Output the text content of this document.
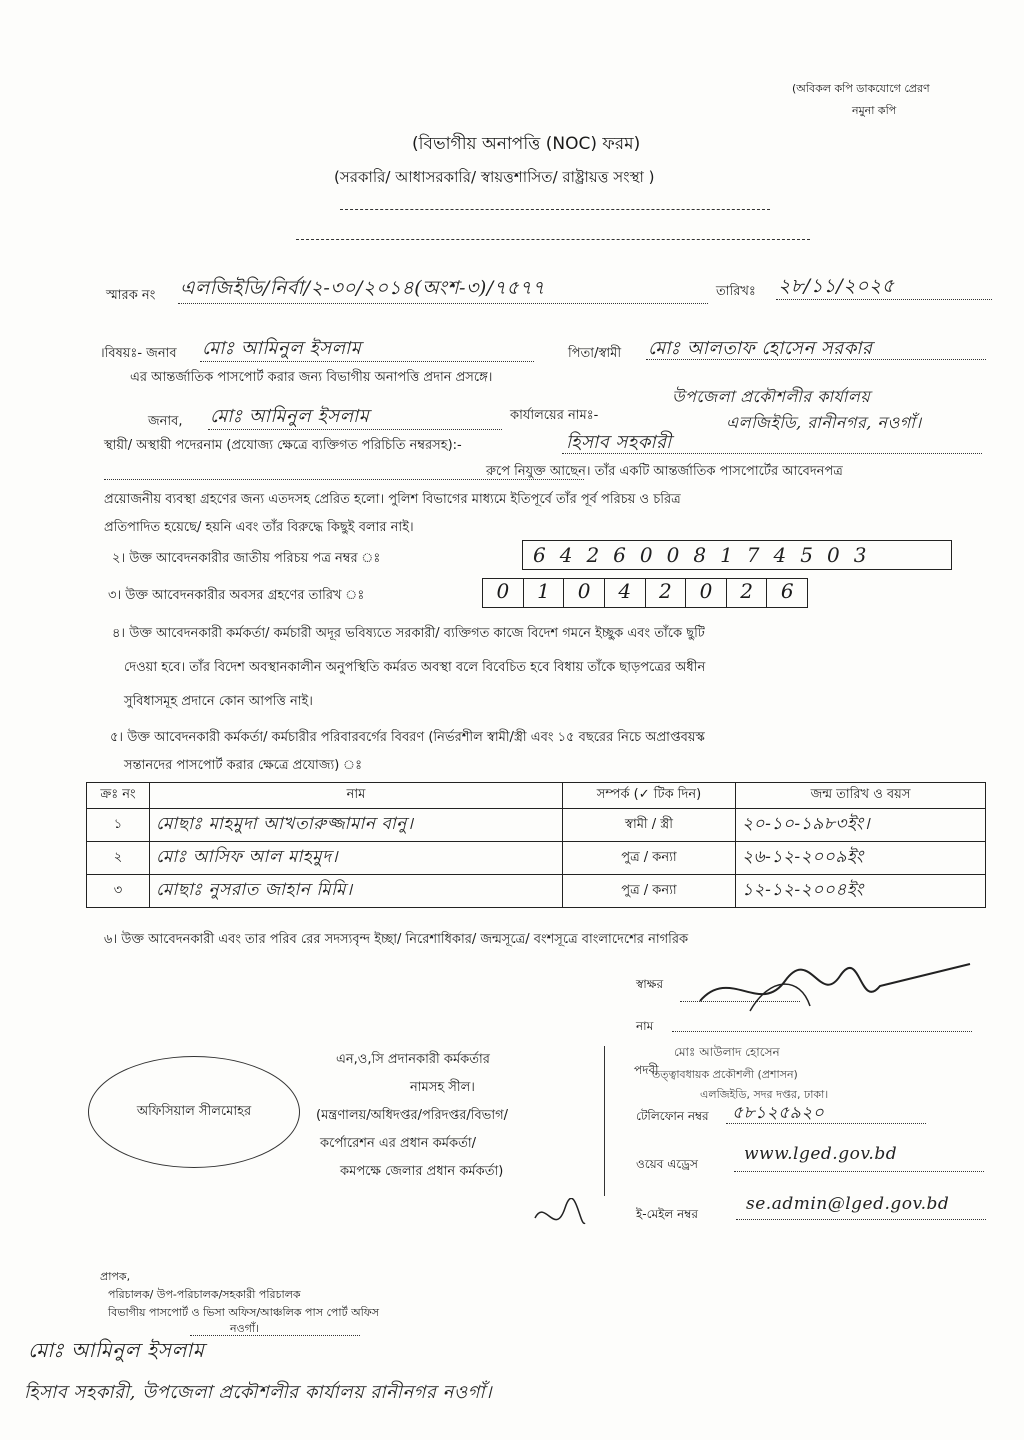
(অবিকল কপি ডাকযোগে প্রেরণ
নমুনা কপি
(বিভাগীয় অনাপত্তি (NOC) ফরম)
(সরকারি/ আধাসরকারি/ স্বায়ত্তশাসিত/ রাষ্ট্রায়ত্ত সংস্থা )
স্মারক নং এলজিইডি/নির্বা/২-৩০/২০১৪(অংশ-৩)/৭৫৭৭	তারিখঃ ২৮/১১/২০২৫
।বিষয়ঃ- জনাব মোঃ আমিনুল ইসলাম	পিতা/স্বামী মোঃ আলতাফ হোসেন সরকার
এর আন্তর্জাতিক পাসপোর্ট করার জন্য বিভাগীয় অনাপত্তি প্রদান প্রসঙ্গে।
জনাব, মোঃ আমিনুল ইসলাম	কার্যালয়ের নামঃ-
উপজেলা প্রকৌশলীর কার্যালয়
এলজিইডি, রানীনগর, নওগাঁ।
স্থায়ী/ অস্থায়ী পদেরনাম (প্রযোজ্য ক্ষেত্রে ব্যক্তিগত পরিচিতি নম্বরসহ):-	হিসাব সহকারী
রুপে নিযুক্ত আছেন। তাঁর একটি আন্তর্জাতিক পাসপোর্টের আবেদনপত্র
প্রয়োজনীয় ব্যবস্থা গ্রহণের জন্য এতদসহ প্রেরিত হলো। পুলিশ বিভাগের মাধ্যমে ইতিপূর্বে তাঁর পূর্ব পরিচয় ও চরিত্র
প্রতিপাদিত হয়েছে/ হয়নি এবং তাঁর বিরুদ্ধে কিছুই বলার নাই।
২। উক্ত আবেদনকারীর জাতীয় পরিচয় পত্র নম্বর ঃ	6426008174503
৩। উক্ত আবেদনকারীর অবসর গ্রহণের তারিখ ঃ	0	1	0	4	2	0	2	6
৪। উক্ত আবেদনকারী কর্মকর্তা/ কর্মচারী অদূর ভবিষ্যতে সরকারী/ ব্যক্তিগত কাজে বিদেশ গমনে ইচ্ছুক এবং তাঁকে ছুটি
দেওয়া হবে। তাঁর বিদেশ অবস্থানকালীন অনুপস্থিতি কর্মরত অবস্থা বলে বিবেচিত হবে বিধায় তাঁকে ছাড়পত্রের অধীন
সুবিধাসমূহ প্রদানে কোন আপত্তি নাই।
৫। উক্ত আবেদনকারী কর্মকর্তা/ কর্মচারীর পরিবারবর্গের বিবরণ (নির্ভরশীল স্বামী/স্ত্রী এবং ১৫ বছরের নিচে অপ্রাপ্তবয়স্ক
সন্তানদের পাসপোর্ট করার ক্ষেত্রে প্রযোজ্য) ঃ
ক্রঃ নং	নাম	সম্পর্ক (✓ টিক দিন)	জন্ম তারিখ ও বয়স
১	মোছাঃ মাহমুদা আখতারুজ্জামান বানু।	স্বামী / স্ত্রী	২০-১০-১৯৮৩ইং।
২	মোঃ আসিফ আল মাহমুদ।	পুত্র / কন্যা	২৬-১২-২০০৯ইং
৩	মোছাঃ নুসরাত জাহান মিমি।	পুত্র / কন্যা	১২-১২-২০০৪ইং
৬। উক্ত আবেদনকারী এবং তার পরিব রের সদস্যবৃন্দ ইচ্ছা/ নিরেশাধিকার/ জন্মসূত্রে/ বংশসূত্রে বাংলাদেশের নাগরিক
স্বাক্ষর
নাম
পদবী
মোঃ আউলাদ হোসেন
তত্ত্বাবধায়ক প্রকৌশলী (প্রশাসন)
এলজিইডি, সদর দপ্তর, ঢাকা।
টেলিফোন নম্বর ৫৮১২৫৯২০
ওয়েব এড্রেস	www.lged.gov.bd
ই-মেইল নম্বর	se.admin@lged.gov.bd
অফিসিয়াল সীলমোহর
এন,ও,সি প্রদানকারী কর্মকর্তার
নামসহ সীল।
(মন্ত্রণালয়/অধিদপ্তর/পরিদপ্তর/বিভাগ/
কর্পোরেশন এর প্রধান কর্মকর্তা/
কমপক্ষে জেলার প্রধান কর্মকর্তা)
প্রাপক,
পরিচালক/ উপ-পরিচালক/সহকারী পরিচালক
বিভাগীয় পাসপোর্ট ও ভিসা অফিস/আঞ্চলিক পাস পোর্ট অফিস
নওগাঁ।
মোঃ আমিনুল ইসলাম
হিসাব সহকারী, উপজেলা প্রকৌশলীর কার্যালয় রানীনগর নওগাঁ।
